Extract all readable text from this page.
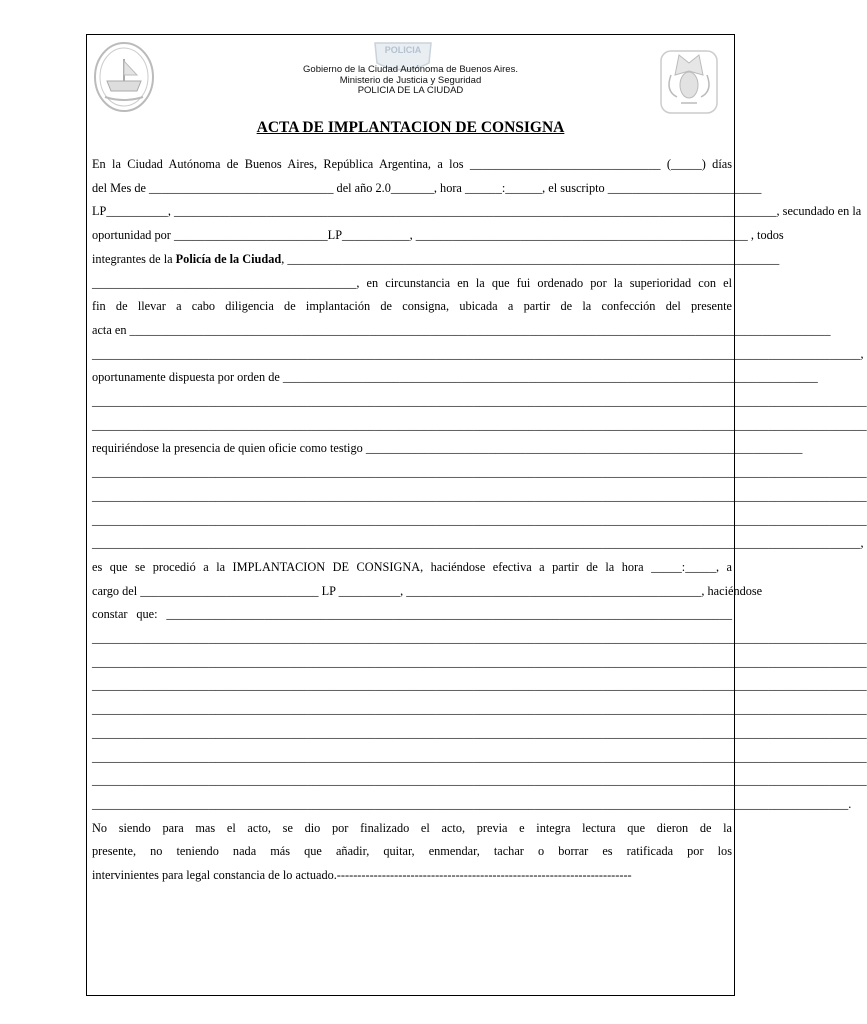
POLICIA
Gobierno de la Ciudad Autónoma de Buenos Aires.
Ministerio de Justicia y Seguridad
POLICIA DE LA CIUDAD
ACTA DE IMPLANTACION DE CONSIGNA

En la Ciudad Autónoma de Buenos Aires, República Argentina, a los _______________________________ (_____) días

del Mes de ______________________________ del año 2.0_______, hora ______:______, el suscripto _________________________

LP__________, __________________________________________________________________________________________________, secundado en la

oportunidad por _________________________LP___________, ______________________________________________________ , todos

integrantes de la Policía de la Ciudad, ________________________________________________________________________________

___________________________________________, en circunstancia en la que fui ordenado por la superioridad con el

fin de llevar a cabo diligencia de implantación de consigna, ubicada a partir de la confección del presente

acta en __________________________________________________________________________________________________________________

_____________________________________________________________________________________________________________________________,

oportunamente dispuesta por orden de _______________________________________________________________________________________

______________________________________________________________________________________________________________________________

______________________________________________________________________________________________________________________________

requiriéndose la presencia de quien oficie como testigo _______________________________________________________________________

______________________________________________________________________________________________________________________________

______________________________________________________________________________________________________________________________

______________________________________________________________________________________________________________________________

_____________________________________________________________________________________________________________________________,

es que se procedió a la IMPLANTACION DE CONSIGNA, haciéndose efectiva a partir de la hora _____:_____, a

cargo del _____________________________ LP __________, ________________________________________________, haciéndose

constar que: ____________________________________________________________________________________________

______________________________________________________________________________________________________________________________

______________________________________________________________________________________________________________________________

______________________________________________________________________________________________________________________________

______________________________________________________________________________________________________________________________

______________________________________________________________________________________________________________________________

______________________________________________________________________________________________________________________________

______________________________________________________________________________________________________________________________

___________________________________________________________________________________________________________________________.

No siendo para mas el acto, se dio por finalizado el acto, previa e integra lectura que dieron de la

presente, no teniendo nada más que añadir, quitar, enmendar, tachar o borrar es ratificada por los

intervinientes para legal constancia de lo actuado.------------------------------------------------------------------------
